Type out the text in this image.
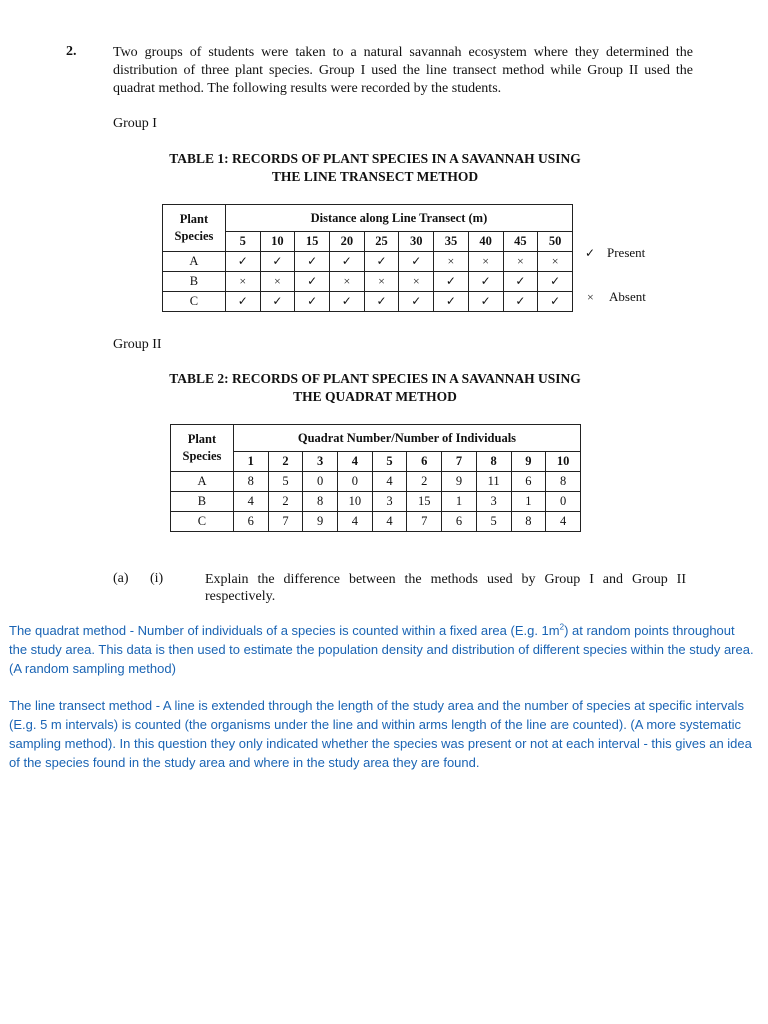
2.	Two groups of students were taken to a natural savannah ecosystem where they determined the distribution of three plant species. Group I used the line transect method while Group II used the quadrat method. The following results were recorded by the students.
Group I
TABLE 1: RECORDS OF PLANT SPECIES IN A SAVANNAH USING
THE LINE TRANSECT METHOD
Plant
Species	Distance along Line Transect (m)									
	5	10	15	20	25	30	35	40	45	50
A	✓	✓	✓	✓	✓	✓	×	×	×	×
B	×	×	✓	×	×	×	✓	✓	✓	✓
C	✓	✓	✓	✓	✓	✓	✓	✓	✓	✓
✓ Present
× Absent
Group II
TABLE 2: RECORDS OF PLANT SPECIES IN A SAVANNAH USING
THE QUADRAT METHOD
Plant
Species	Quadrat Number/Number of Individuals									
	1	2	3	4	5	6	7	8	9	10
A	8	5	0	0	4	2	9	11	6	8
B	4	2	8	10	3	15	1	3	1	0
C	6	7	9	4	4	7	6	5	8	4
(a) (i)	Explain the difference between the methods used by Group I and Group II respectively.
The quadrat method - Number of individuals of a species is counted within a fixed area (E.g. $1m^2$) at random points throughout the study area. This data is then used to estimate the population density and distribution of different species within the study area. (A random sampling method)
The line transect method - A line is extended through the length of the study area and the number of species at specific intervals (E.g. 5 m intervals) is counted (the organisms under the line and within arms length of the line are counted). (A more systematic sampling method). In this question they only indicated whether the species was present or not at each interval - this gives an idea of the species found in the study area and where in the study area they are found.
